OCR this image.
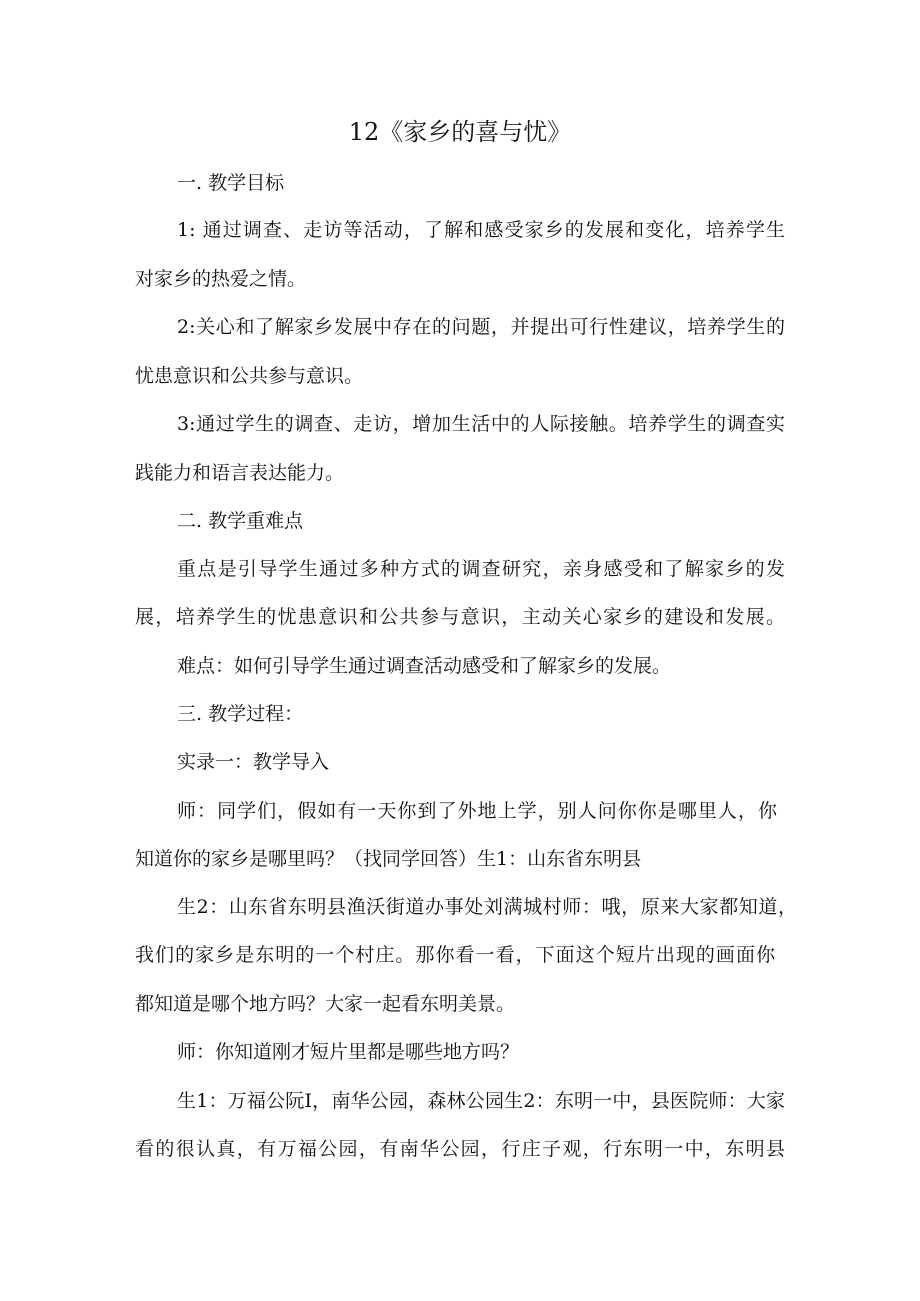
12《家乡的喜与忧》
一. 教学目标
1: 通过调查、走访等活动，了解和感受家乡的发展和变化，培养学生
对家乡的热爱之情。
2:关心和了解家乡发展中存在的问题，并提出可行性建议，培养学生的
忧患意识和公共参与意识。
3:通过学生的调查、走访，增加生活中的人际接触。培养学生的调查实
践能力和语言表达能力。
二. 教学重难点
重点是引导学生通过多种方式的调查研究，亲身感受和了解家乡的发
展，培养学生的忧患意识和公共参与意识，主动关心家乡的建设和发展。
难点：如何引导学生通过调查活动感受和了解家乡的发展。
三. 教学过程：
实录一：教学导入
师：同学们，假如有一天你到了外地上学，别人问你你是哪里人，你
知道你的家乡是哪里吗？（找同学回答）生1：山东省东明县
生2：山东省东明县渔沃街道办事处刘满城村师：哦，原来大家都知道，
我们的家乡是东明的一个村庄。那你看一看，下面这个短片出现的画面你
都知道是哪个地方吗？大家一起看东明美景。
师：你知道刚才短片里都是哪些地方吗？
生1：万福公阮I，南华公园，森林公园生2：东明一中，县医院师：大家
看的很认真，有万福公园，有南华公园，行庄子观，行东明一中，东明县
